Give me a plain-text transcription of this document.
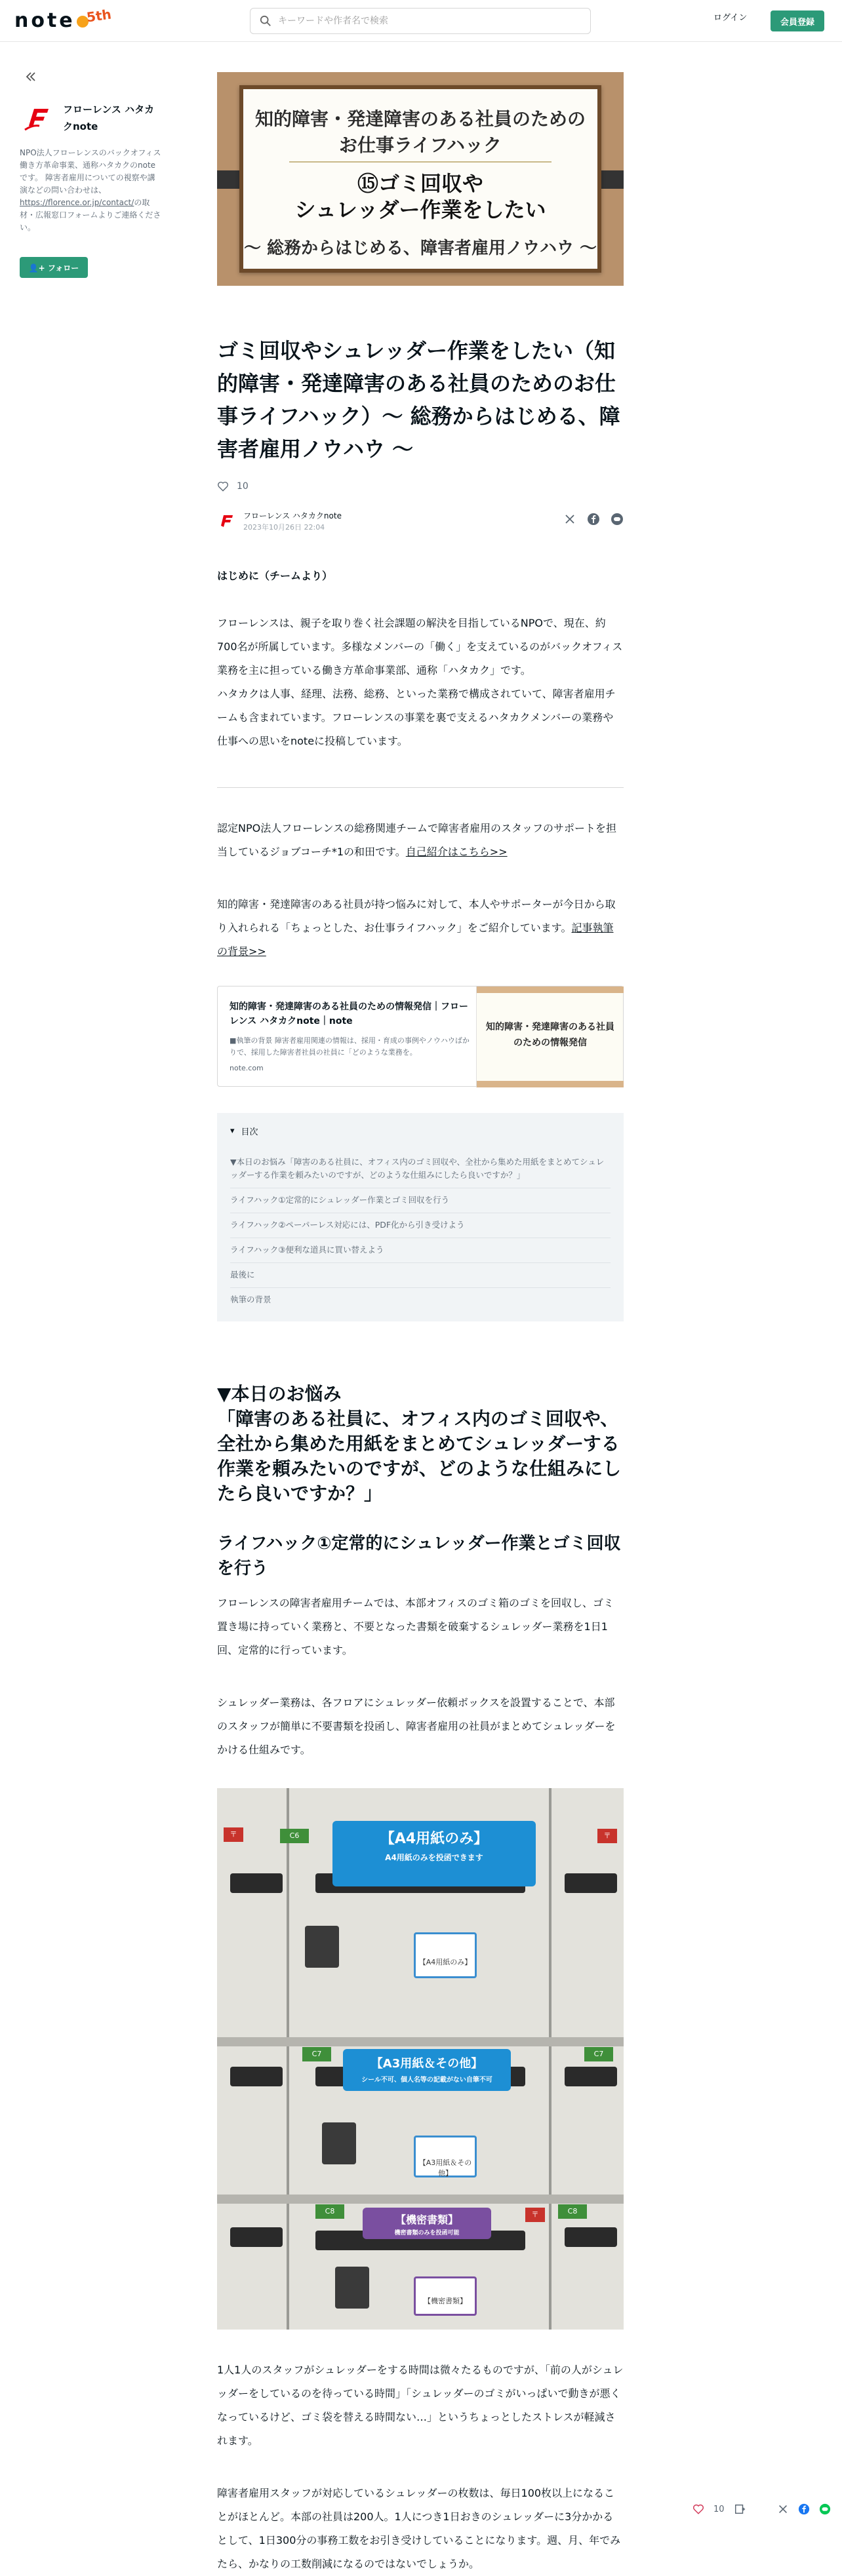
note 5th
キーワードや作者名で検索	ログイン	会員登録
フローレンス ハタカクnote
NPO法人フローレンスのバックオフィス働き方革命事業、通称ハタカクのnoteです。 障害者雇用についての視察や講演などの問い合わせは、
https://florence.or.jp/contact/の取材・広報窓口フォームよりご連絡ください。
👤+ フォロー
知的障害・発達障害のある社員のための
お仕事ライフハック
⑮ゴミ回収や
シュレッダー作業をしたい
〜 総務からはじめる、障害者雇用ノウハウ 〜
ゴミ回収やシュレッダー作業をしたい（知的障害・発達障害のある社員のためのお仕事ライフハック）〜 総務からはじめる、障害者雇用ノウハウ 〜
10
フローレンス ハタカクnote
2023年10月26日 22:04
はじめに（チームより）

フローレンスは、親子を取り巻く社会課題の解決を目指しているNPOで、現在、約700名が所属しています。多様なメンバーの「働く」を支えているのがバックオフィス業務を主に担っている働き方革命事業部、通称「ハタカク」です。

ハタカクは人事、経理、法務、総務、といった業務で構成されていて、障害者雇用チームも含まれています。フローレンスの事業を裏で支えるハタカクメンバーの業務や仕事への思いをnoteに投稿しています。

認定NPO法人フローレンスの総務関連チームで障害者雇用のスタッフのサポートを担当しているジョブコーチ*1の和田です。自己紹介はこちら>>

知的障害・発達障害のある社員が持つ悩みに対して、本人やサポーターが今日から取り入れられる「ちょっとした、お仕事ライフハック」をご紹介しています。記事執筆の背景>>

知的障害・発達障害のある社員のための情報発信｜フローレンス ハタカクnote｜note
■執筆の背景 障害者雇用関連の情報は、採用・育成の事例やノウハウばかりで、採用した障害者社員の社員に「どのような業務を。
note.com
知的障害・発達障害のある社員のための情報発信
▾ 目次
▼本日のお悩み「障害のある社員に、オフィス内のゴミ回収や、全社から集めた用紙をまとめてシュレッダーする作業を頼みたいのですが、どのような仕組みにしたら良いですか？」
ライフハック①定常的にシュレッダー作業とゴミ回収を行う
ライフハック②ペーパーレス対応には、PDF化から引き受けよう
ライフハック③便利な道具に買い替えよう
最後に
執筆の背景
▼本日のお悩み
「障害のある社員に、オフィス内のゴミ回収や、全社から集めた用紙をまとめてシュレッダーする作業を頼みたいのですが、どのような仕組みにしたら良いですか？」
ライフハック①定常的にシュレッダー作業とゴミ回収を行う

フローレンスの障害者雇用チームでは、本部オフィスのゴミ箱のゴミを回収し、ゴミ置き場に持っていく業務と、不要となった書類を破棄するシュレッダー業務を1日1回、定常的に行っています。

シュレッダー業務は、各フロアにシュレッダー依頼ボックスを設置することで、本部のスタッフが簡単に不要書類を投函し、障害者雇用の社員がまとめてシュレッダーをかける仕組みです。

〒	C6	〒
【A4用紙のみ】
A4用紙のみを投函できます
【A4用紙のみ】
C7	C7
【A3用紙＆その他】
シール不可、個人名等の記載がない自筆不可
【A3用紙＆その他】
C8	〒	C8
【機密書類】
機密書類のみを投函可能
【機密書類】

1人1人のスタッフがシュレッダーをする時間は微々たるものですが、「前の人がシュレッダーをしているのを待っている時間」「シュレッダーのゴミがいっぱいで動きが悪くなっているけど、ゴミ袋を替える時間ない…」というちょっとしたストレスが軽減されます。

障害者雇用スタッフが対応しているシュレッダーの枚数は、毎日100枚以上になることがほとんど。本部の社員は200人。1人につき1日おきのシュレッダーに3分かかるとして、1日300分の事務工数をお引き受けしていることになります。週、月、年でみたら、かなりの工数削減になるのではないでしょうか。

10
